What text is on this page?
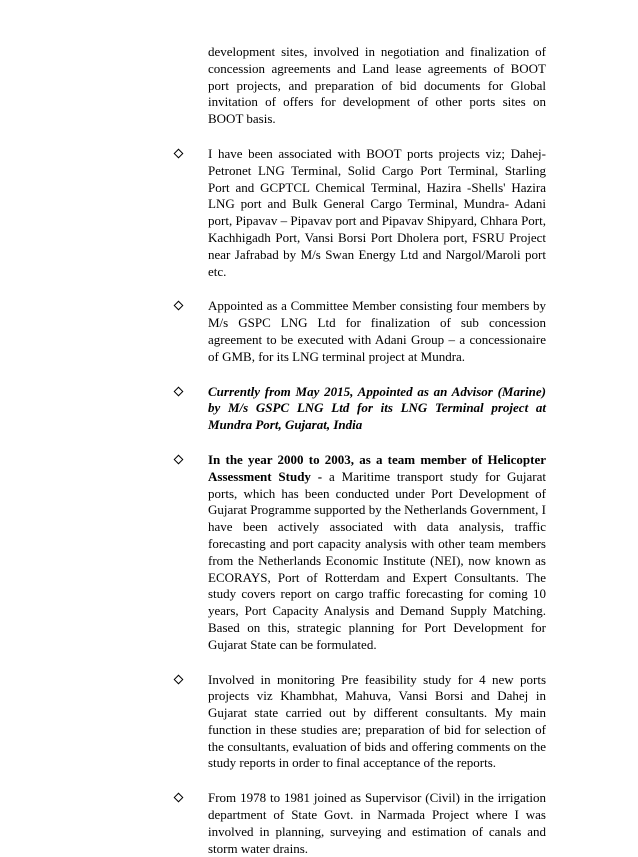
development sites, involved in negotiation and finalization of concession agreements and Land lease agreements of BOOT port projects, and preparation of bid documents for Global invitation of offers for development of other ports sites on BOOT basis.
I have been associated with BOOT ports projects viz; Dahej-Petronet LNG Terminal, Solid Cargo Port Terminal, Starling Port and GCPTCL Chemical Terminal, Hazira -Shells' Hazira LNG port and Bulk General Cargo Terminal, Mundra- Adani port, Pipavav – Pipavav port and Pipavav Shipyard, Chhara Port, Kachhigadh Port, Vansi Borsi Port Dholera port, FSRU Project near Jafrabad by M/s Swan Energy Ltd and Nargol/Maroli port etc.
Appointed as a Committee Member consisting four members by M/s GSPC LNG Ltd for finalization of sub concession agreement to be executed with Adani Group – a concessionaire of GMB, for its LNG terminal project at Mundra.
Currently from May 2015, Appointed as an Advisor (Marine) by M/s GSPC LNG Ltd for its LNG Terminal project at Mundra Port, Gujarat, India
In the year 2000 to 2003, as a team member of Helicopter Assessment Study - a Maritime transport study for Gujarat ports, which has been conducted under Port Development of Gujarat Programme supported by the Netherlands Government, I have been actively associated with data analysis, traffic forecasting and port capacity analysis with other team members from the Netherlands Economic Institute (NEI), now known as ECORAYS, Port of Rotterdam and Expert Consultants. The study covers report on cargo traffic forecasting for coming 10 years, Port Capacity Analysis and Demand Supply Matching. Based on this, strategic planning for Port Development for Gujarat State can be formulated.
Involved in monitoring Pre feasibility study for 4 new ports projects viz Khambhat, Mahuva, Vansi Borsi and Dahej in Gujarat state carried out by different consultants. My main function in these studies are; preparation of bid for selection of the consultants, evaluation of bids and offering comments on the study reports in order to final acceptance of the reports.
From 1978 to 1981 joined as Supervisor (Civil) in the irrigation department of State Govt. in Narmada Project where I was involved in planning, surveying and estimation of canals and storm water drains.
